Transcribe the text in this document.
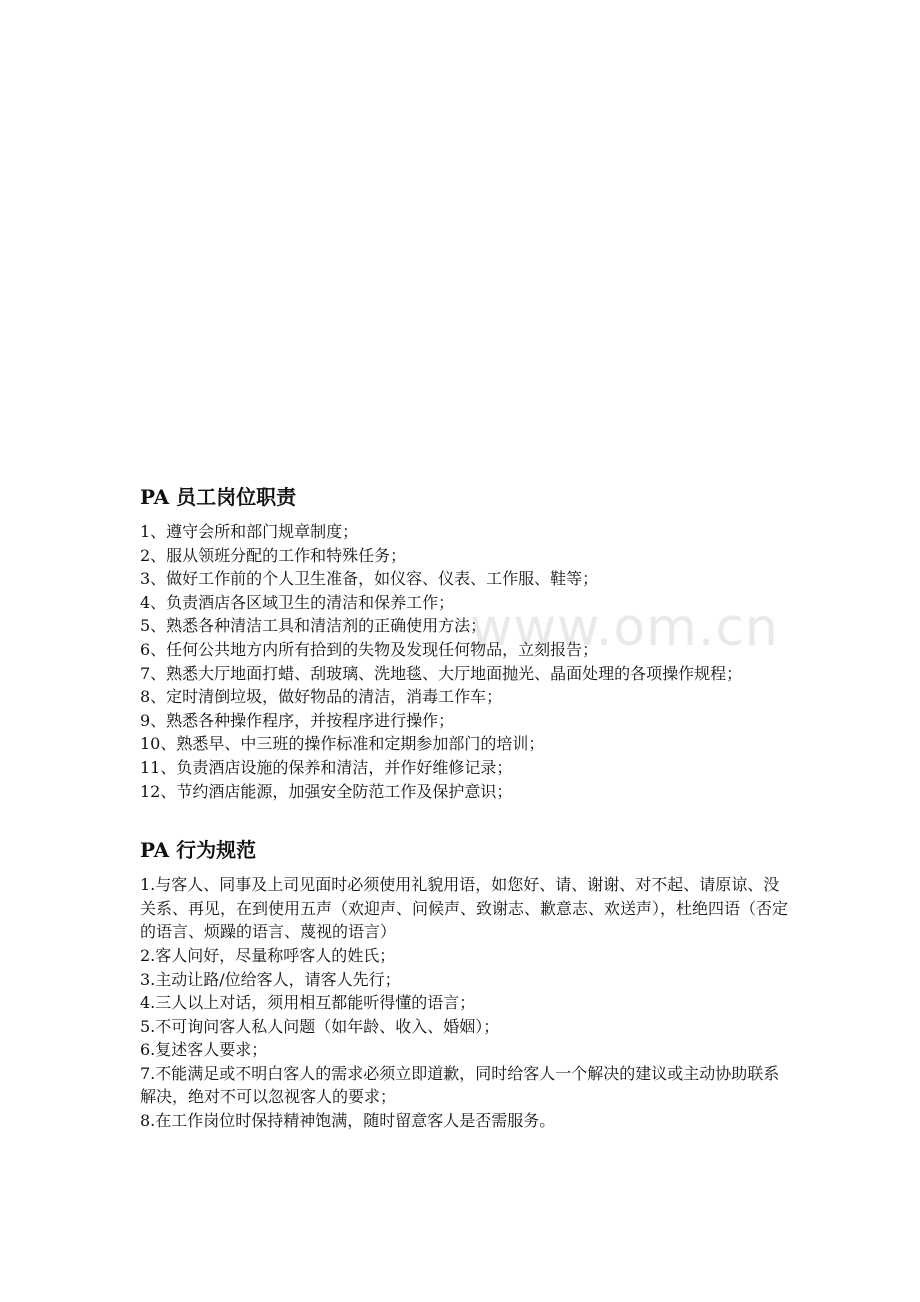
www.om.cn
PA 员工岗位职责
1、遵守会所和部门规章制度；
2、服从领班分配的工作和特殊任务；
3、做好工作前的个人卫生准备，如仪容、仪表、工作服、鞋等；
4、负责酒店各区域卫生的清洁和保养工作；
5、熟悉各种清洁工具和清洁剂的正确使用方法；
6、任何公共地方内所有拾到的失物及发现任何物品，立刻报告；
7、熟悉大厅地面打蜡、刮玻璃、洗地毯、大厅地面抛光、晶面处理的各项操作规程；
8、定时清倒垃圾，做好物品的清洁，消毒工作车；
9、熟悉各种操作程序，并按程序进行操作；
10、熟悉早、中三班的操作标准和定期参加部门的培训；
11、负责酒店设施的保养和清洁，并作好维修记录；
12、节约酒店能源，加强安全防范工作及保护意识；
PA 行为规范
1.与客人、同事及上司见面时必须使用礼貌用语，如您好、请、谢谢、对不起、请原谅、没关系、再见，在到使用五声（欢迎声、问候声、致谢志、歉意志、欢送声），杜绝四语（否定的语言、烦躁的语言、蔑视的语言）
2.客人问好，尽量称呼客人的姓氏；
3.主动让路/位给客人，请客人先行；
4.三人以上对话，须用相互都能听得懂的语言；
5.不可询问客人私人问题（如年龄、收入、婚姻）；
6.复述客人要求；
7.不能满足或不明白客人的需求必须立即道歉，同时给客人一个解决的建议或主动协助联系解决，绝对不可以忽视客人的要求；
8.在工作岗位时保持精神饱满，随时留意客人是否需服务。
